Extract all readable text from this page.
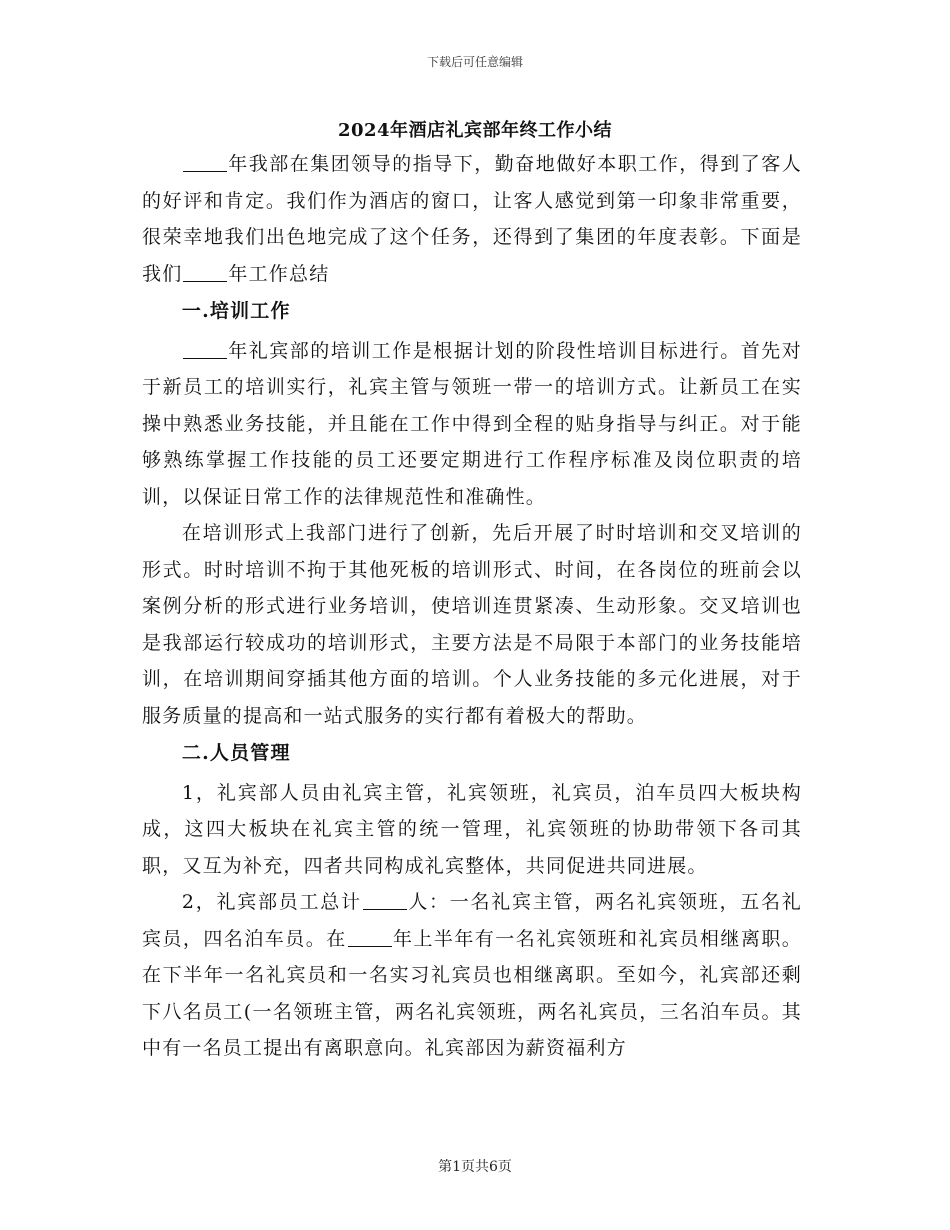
下载后可任意编辑
2024年酒店礼宾部年终工作小结

年我部在集团领导的指导下，勤奋地做好本职工作，得到了客人的好评和肯定。我们作为酒店的窗口，让客人感觉到第一印象非常重要，很荣幸地我们出色地完成了这个任务，还得到了集团的年度表彰。下面是我们 年工作总结

一.培训工作

年礼宾部的培训工作是根据计划的阶段性培训目标进行。首先对于新员工的培训实行，礼宾主管与领班一带一的培训方式。让新员工在实操中熟悉业务技能，并且能在工作中得到全程的贴身指导与纠正。对于能够熟练掌握工作技能的员工还要定期进行工作程序标准及岗位职责的培训，以保证日常工作的法律规范性和准确性。

在培训形式上我部门进行了创新，先后开展了时时培训和交叉培训的形式。时时培训不拘于其他死板的培训形式、时间，在各岗位的班前会以案例分析的形式进行业务培训，使培训连贯紧凑、生动形象。交叉培训也是我部运行较成功的培训形式，主要方法是不局限于本部门的业务技能培训，在培训期间穿插其他方面的培训。个人业务技能的多元化进展，对于服务质量的提高和一站式服务的实行都有着极大的帮助。

二.人员管理

1，礼宾部人员由礼宾主管，礼宾领班，礼宾员，泊车员四大板块构成，这四大板块在礼宾主管的统一管理，礼宾领班的协助带领下各司其职，又互为补充，四者共同构成礼宾整体，共同促进共同进展。

2，礼宾部员工总计 人：一名礼宾主管，两名礼宾领班，五名礼宾员，四名泊车员。在 年上半年有一名礼宾领班和礼宾员相继离职。在下半年一名礼宾员和一名实习礼宾员也相继离职。至如今，礼宾部还剩下八名员工(一名领班主管，两名礼宾领班，两名礼宾员，三名泊车员。其中有一名员工提出有离职意向。礼宾部因为薪资福利方

第1页共6页
